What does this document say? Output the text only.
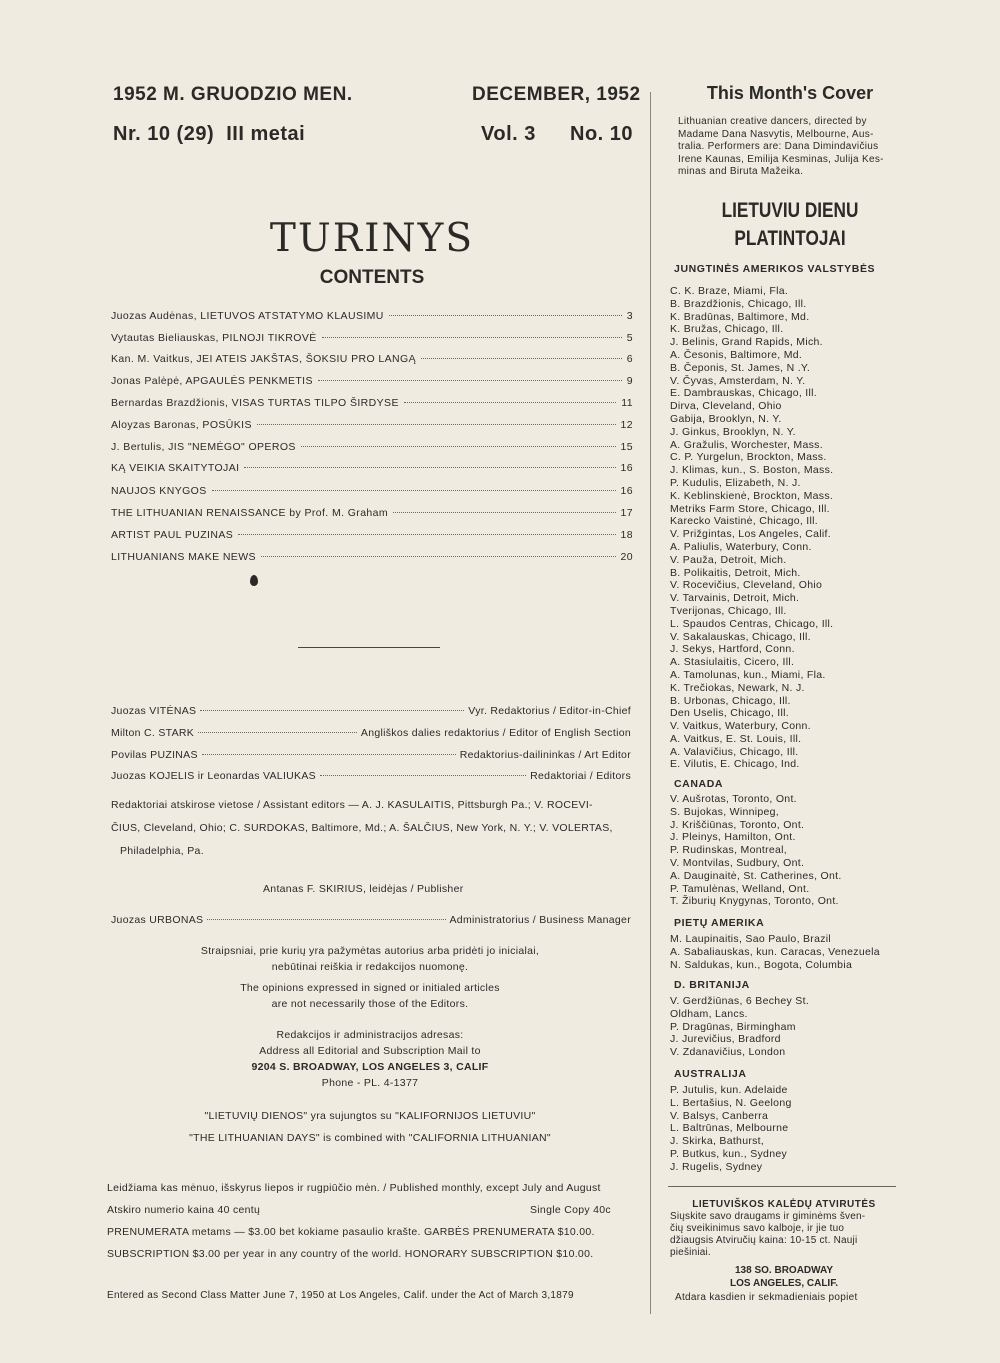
1952 M. GRUODZIO MEN.	DECEMBER, 1952
Nr. 10 (29)  III metai	Vol. 3 No. 10
TURINYS
CONTENTS
Juozas Audėnas, LIETUVOS ATSTATYMO KLAUSIMU	3
Vytautas Bieliauskas, PILNOJI TIKROVĖ	5
Kan. M. Vaitkus, JEI ATEIS JAKŠTAS, ŠOKSIU PRO LANGĄ	6
Jonas Palėpė, APGAULĖS PENKMETIS	9
Bernardas Brazdžionis, VISAS TURTAS TILPO ŠIRDYSE	11
Aloyzas Baronas, POSŪKIS	12
J. Bertulis, JIS "NEMĖGO" OPEROS	15
KĄ VEIKIA SKAITYTOJAI	16
NAUJOS KNYGOS	16
THE LITHUANIAN RENAISSANCE by Prof. M. Graham	17
ARTIST PAUL PUZINAS	18
LITHUANIANS MAKE NEWS	20
Juozas VITĖNAS	Vyr. Redaktorius / Editor-in-Chief
Milton C. STARK	Angliškos dalies redaktorius / Editor of English Section
Povilas PUZINAS	Redaktorius-dailininkas / Art Editor
Juozas KOJELIS ir Leonardas VALIUKAS	Redaktoriai / Editors
Redaktoriai atskirose vietose / Assistant editors — A. J. KASULAITIS, Pittsburgh Pa.; V. ROCEVI-
ČIUS, Cleveland, Ohio; C. SURDOKAS, Baltimore, Md.; A. ŠALČIUS, New York, N. Y.; V. VOLERTAS,
Philadelphia, Pa.
Antanas F. SKIRIUS, leidėjas / Publisher
Juozas URBONAS	Administratorius / Business Manager
Straipsniai, prie kurių yra pažymėtas autorius arba pridėti jo inicialai,
nebūtinai reiškia ir redakcijos nuomonę.
The opinions expressed in signed or initialed articles
are not necessarily those of the Editors.
Redakcijos ir administracijos adresas:
Address all Editorial and Subscription Mail to
9204 S. BROADWAY, LOS ANGELES 3, CALIF
Phone - PL. 4-1377
"LIETUVIŲ DIENOS" yra sujungtos su "KALIFORNIJOS LIETUVIU"
"THE LITHUANIAN DAYS" is combined with "CALIFORNIA LITHUANIAN"
Leidžiama kas mėnuo, išskyrus liepos ir rugpiūčio mėn. / Published monthly, except July and August
Atskiro numerio kaina 40 centų	Single Copy 40c
PRENUMERATA metams — $3.00 bet kokiame pasaulio krašte. GARBĖS PRENUMERATA $10.00.
SUBSCRIPTION $3.00 per year in any country of the world. HONORARY SUBSCRIPTION $10.00.
Entered as Second Class Matter June 7, 1950 at Los Angeles, Calif. under the Act of March 3,1879
This Month's Cover
Lithuanian creative dancers, directed by
Madame Dana Nasvytis, Melbourne, Aus-
tralia. Performers are: Dana Dimindavičius
Irene Kaunas, Emilija Kesminas, Julija Kes-
minas and Biruta Mažeika.
LIETUVIU DIENU
PLATINTOJAI
JUNGTINĖS AMERIKOS VALSTYBĖS
C. K. Braze, Miami, Fla.
B. Brazdžionis, Chicago, Ill.
K. Bradūnas, Baltimore, Md.
K. Bružas, Chicago, Ill.
J. Belinis, Grand Rapids, Mich.
A. Česonis, Baltimore, Md.
B. Čeponis, St. James, N .Y.
V. Čyvas, Amsterdam, N. Y.
E. Dambrauskas, Chicago, Ill.
Dirva, Cleveland, Ohio
Gabija, Brooklyn, N. Y.
J. Ginkus, Brooklyn, N. Y.
A. Gražulis, Worchester, Mass.
C. P. Yurgelun, Brockton, Mass.
J. Klimas, kun., S. Boston, Mass.
P. Kudulis, Elizabeth, N. J.
K. Keblinskienė, Brockton, Mass.
Metriks Farm Store, Chicago, Ill.
Karecko Vaistinė, Chicago, Ill.
V. Prižgintas, Los Angeles, Calif.
A. Paliulis, Waterbury, Conn.
V. Pauža, Detroit, Mich.
B. Polikaitis, Detroit, Mich.
V. Rocevičius, Cleveland, Ohio
V. Tarvainis, Detroit, Mich.
Tverijonas, Chicago, Ill.
L. Spaudos Centras, Chicago, Ill.
V. Sakalauskas, Chicago, Ill.
J. Sekys, Hartford, Conn.
A. Stasiulaitis, Cicero, Ill.
A. Tamolunas, kun., Miami, Fla.
K. Trečiokas, Newark, N. J.
B. Urbonas, Chicago, Ill.
Den Uselis, Chicago, Ill.
V. Vaitkus, Waterbury, Conn.
A. Vaitkus, E. St. Louis, Ill.
A. Valavičius, Chicago, Ill.
E. Vilutis, E. Chicago, Ind.
CANADA
V. Aušrotas, Toronto, Ont.
S. Bujokas, Winnipeg,
J. Kriščiūnas, Toronto, Ont.
J. Pleinys, Hamilton, Ont.
P. Rudinskas, Montreal,
V. Montvilas, Sudbury, Ont.
A. Dauginaitė, St. Catherines, Ont.
P. Tamulėnas, Welland, Ont.
T. Žiburių Knygynas, Toronto, Ont.
PIETŲ AMERIKA
M. Laupinaitis, Sao Paulo, Brazil
A. Sabaliauskas, kun. Caracas, Venezuela
N. Saldukas, kun., Bogota, Columbia
D. BRITANIJA
V. Gerdžiūnas, 6 Bechey St.
Oldham, Lancs.
P. Dragūnas, Birmingham
J. Jurevičius, Bradford
V. Zdanavičius, London
AUSTRALIJA
P. Jutulis, kun. Adelaide
L. Bertašius, N. Geelong
V. Balsys, Canberra
L. Baltrūnas, Melbourne
J. Skirka, Bathurst,
P. Butkus, kun., Sydney
J. Rugelis, Sydney
LIETUVIŠKOS KALĖDŲ ATVIRUTĖS
Siųskite savo draugams ir giminėms šven-
čių sveikinimus savo kalboje, ir jie tuo
džiaugsis Atviručių kaina: 10-15 ct. Nauji
piešiniai.
138 SO. BROADWAY
LOS ANGELES, CALIF.
Atdara kasdien ir sekmadieniais popiet
